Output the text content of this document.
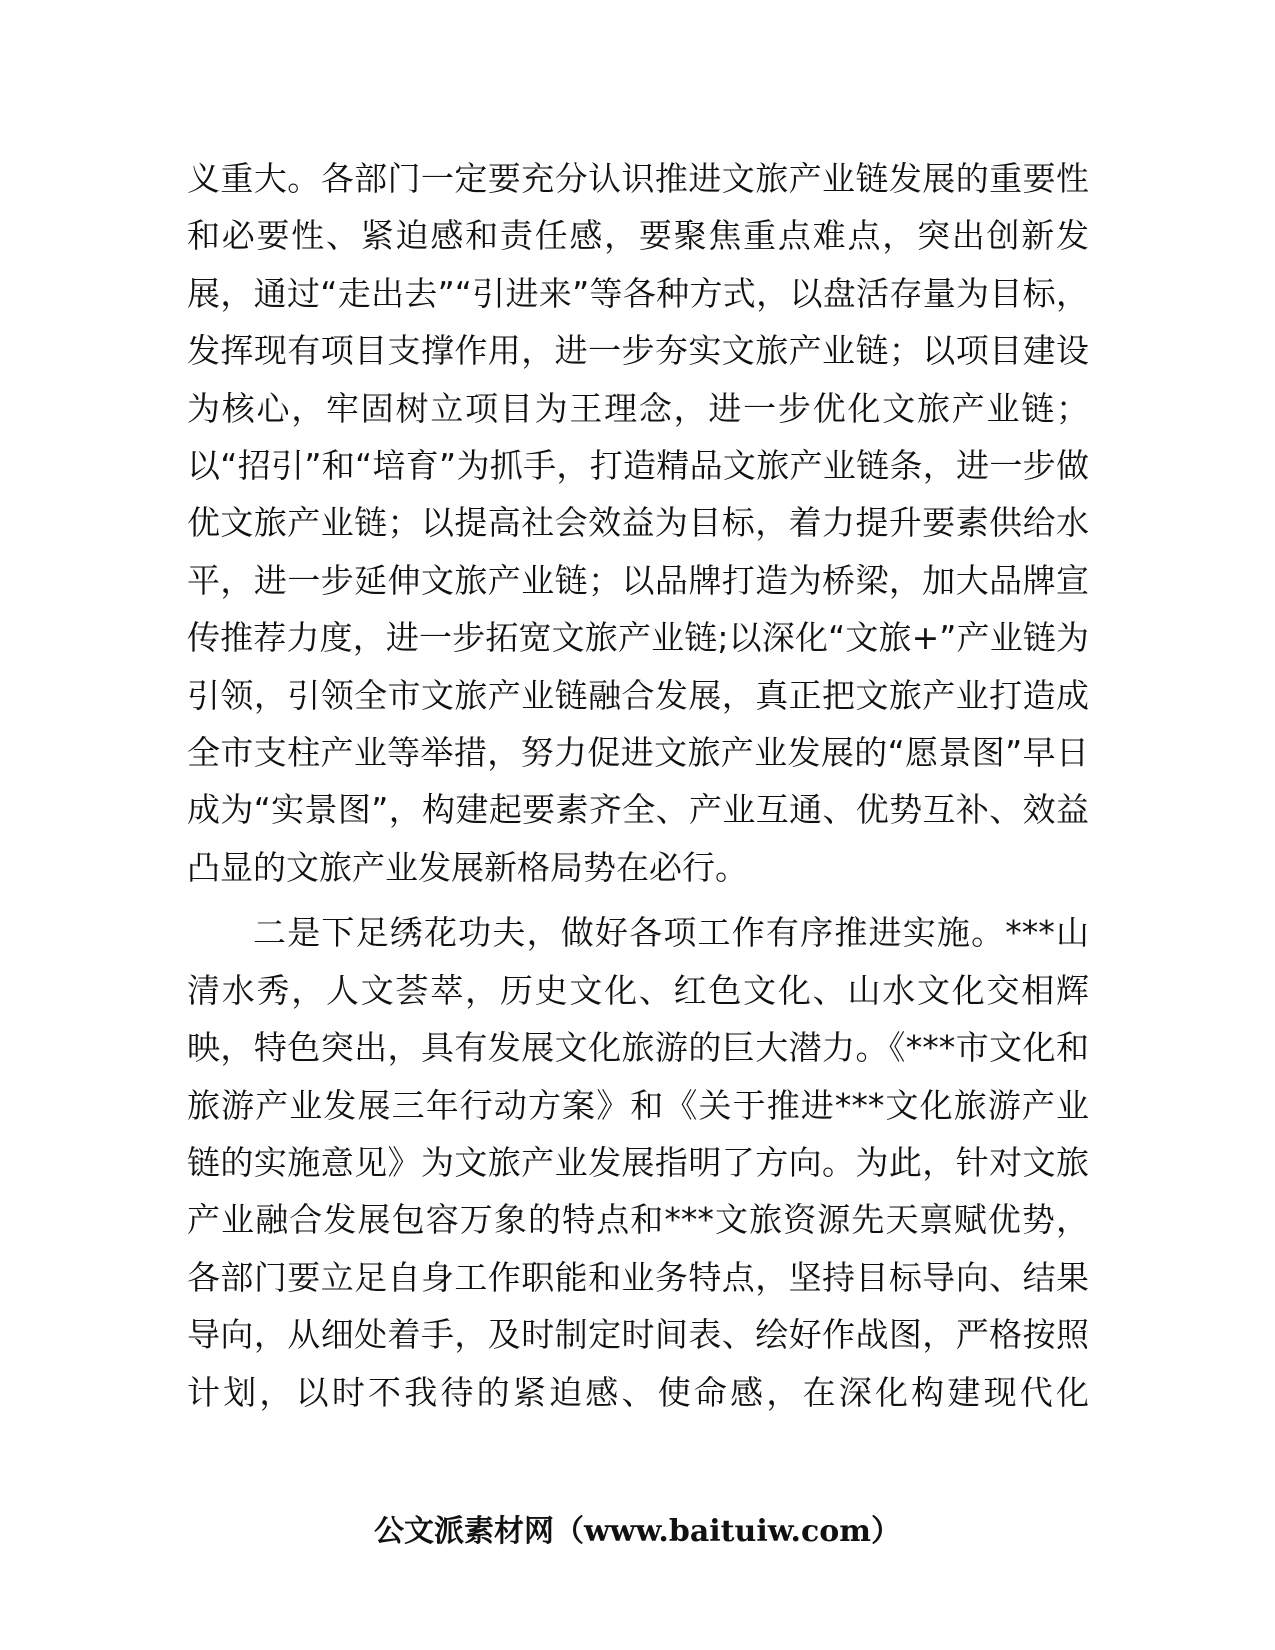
义重大。各部门一定要充分认识推进文旅产业链发展的重要性和必要性、紧迫感和责任感，要聚焦重点难点，突出创新发展，通过“走出去”“引进来”等各种方式，以盘活存量为目标，发挥现有项目支撑作用，进一步夯实文旅产业链；以项目建设为核心，牢固树立项目为王理念，进一步优化文旅产业链；以“招引”和“培育”为抓手，打造精品文旅产业链条，进一步做优文旅产业链；以提高社会效益为目标，着力提升要素供给水平，进一步延伸文旅产业链；以品牌打造为桥梁，加大品牌宣传推荐力度，进一步拓宽文旅产业链;以深化“文旅+”产业链为引领，引领全市文旅产业链融合发展，真正把文旅产业打造成全市支柱产业等举措，努力促进文旅产业发展的“愿景图”早日成为“实景图”，构建起要素齐全、产业互通、优势互补、效益凸显的文旅产业发展新格局势在必行。

二是下足绣花功夫，做好各项工作有序推进实施。***山清水秀，人文荟萃，历史文化、红色文化、山水文化交相辉映，特色突出，具有发展文化旅游的巨大潜力。《***市文化和旅游产业发展三年行动方案》和《关于推进***文化旅游产业链的实施意见》为文旅产业发展指明了方向。为此，针对文旅产业融合发展包容万象的特点和***文旅资源先天禀赋优势，各部门要立足自身工作职能和业务特点，坚持目标导向、结果导向，从细处着手，及时制定时间表、绘好作战图，严格按照计划，以时不我待的紧迫感、使命感，在深化构建现代化

公文派素材网（www.baituiw.com）
